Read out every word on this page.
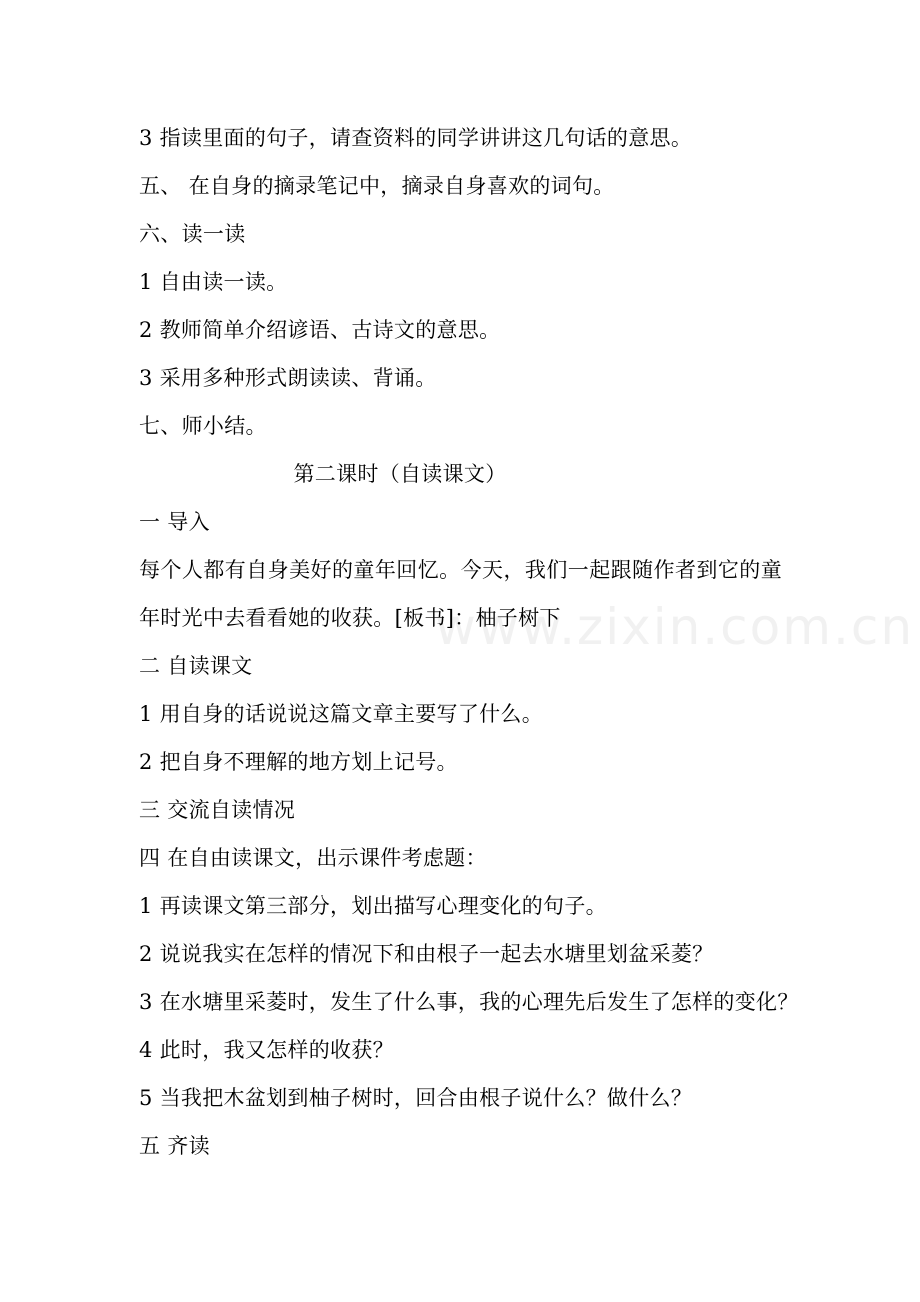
www.zixin.com.cn
3 指读里面的句子，请查资料的同学讲讲这几句话的意思。
五、 在自身的摘录笔记中，摘录自身喜欢的词句。
六、读一读
1 自由读一读。
2 教师简单介绍谚语、古诗文的意思。
3 采用多种形式朗读读、背诵。
七、师小结。
第二课时（自读课文）
一 导入
每个人都有自身美好的童年回忆。今天，我们一起跟随作者到它的童
年时光中去看看她的收获。[板书]：柚子树下
二 自读课文
1 用自身的话说说这篇文章主要写了什么。
2 把自身不理解的地方划上记号。
三 交流自读情况
四 在自由读课文，出示课件考虑题：
1 再读课文第三部分，划出描写心理变化的句子。
2 说说我实在怎样的情况下和由根子一起去水塘里划盆采菱？
3 在水塘里采菱时，发生了什么事，我的心理先后发生了怎样的变化？
4 此时，我又怎样的收获？
5 当我把木盆划到柚子树时，回合由根子说什么？做什么？
五 齐读
